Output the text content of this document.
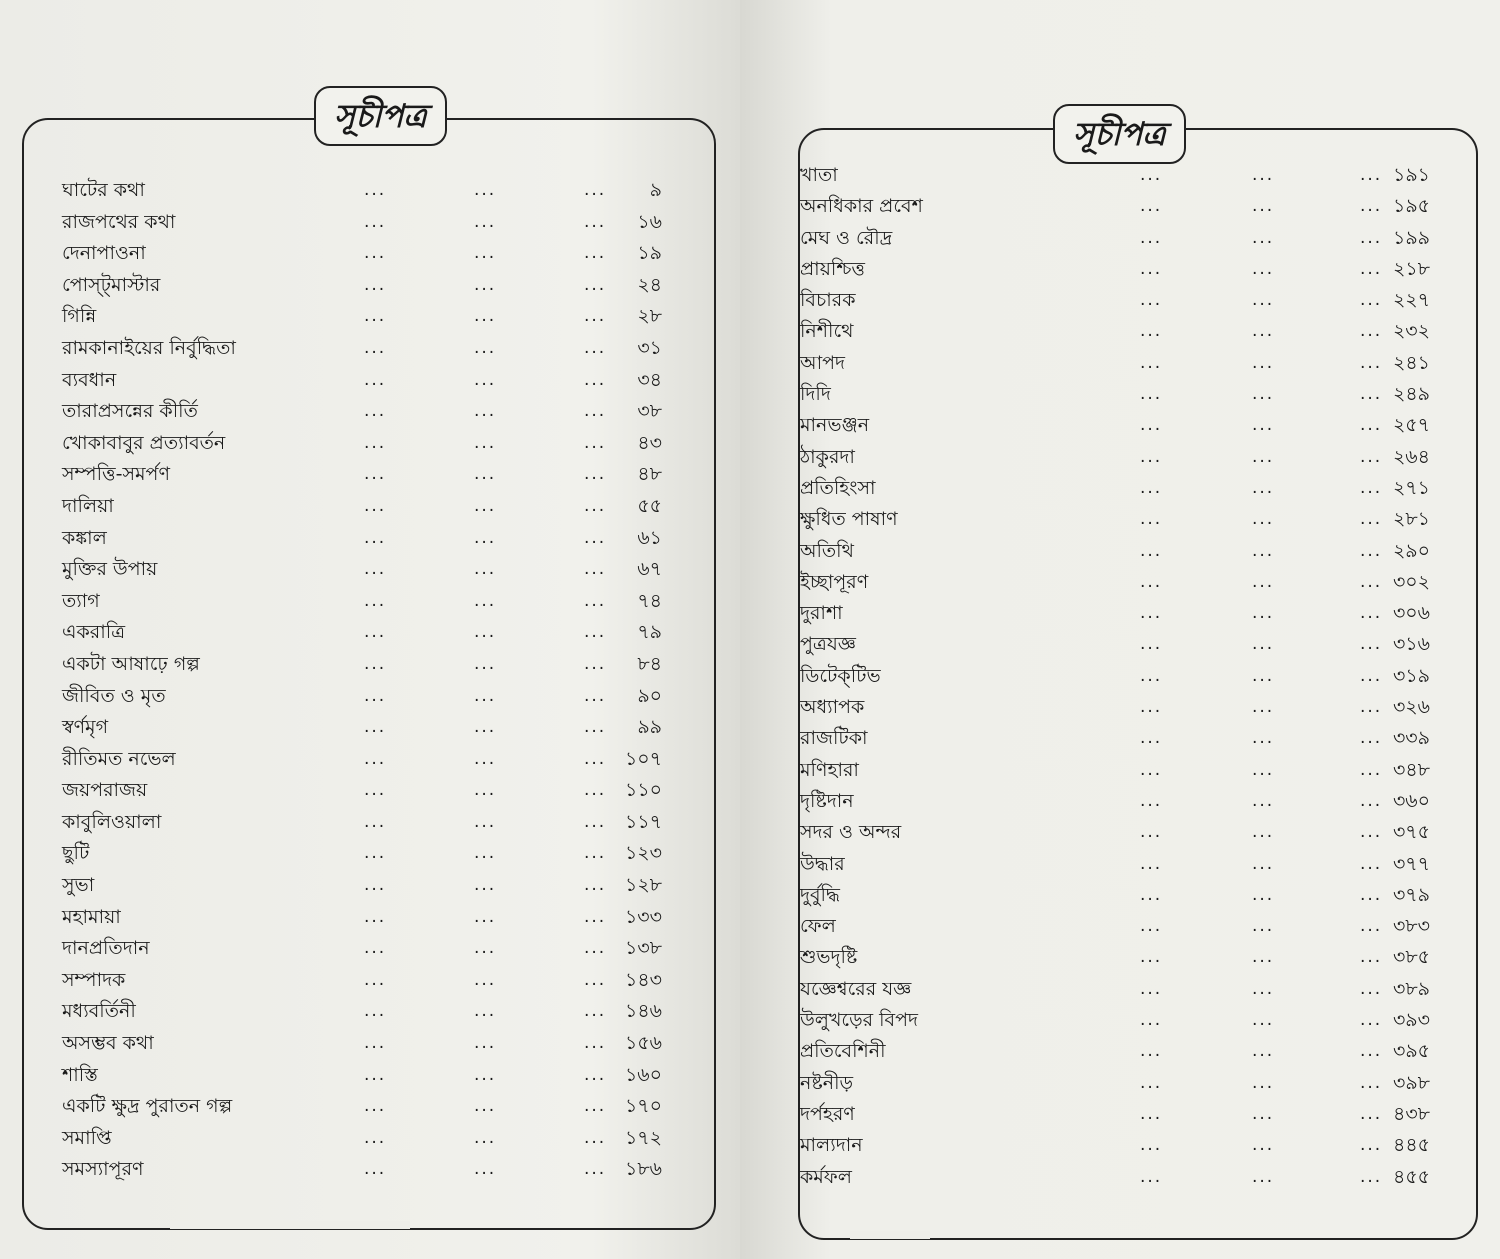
সূচীপত্র
ঘাটের কথা	...	...	...	৯
রাজপথের কথা	...	...	...	১৬
দেনাপাওনা	...	...	...	১৯
পোস্ট্‌মাস্টার	...	...	...	২৪
গিন্নি	...	...	...	২৮
রামকানাইয়ের নির্বুদ্ধিতা	...	...	...	৩১
ব্যবধান	...	...	...	৩৪
তারাপ্রসন্নের কীর্তি	...	...	...	৩৮
খোকাবাবুর প্রত্যাবর্তন	...	...	...	৪৩
সম্পত্তি-সমর্পণ	...	...	...	৪৮
দালিয়া	...	...	...	৫৫
কঙ্কাল	...	...	...	৬১
মুক্তির উপায়	...	...	...	৬৭
ত্যাগ	...	...	...	৭৪
একরাত্রি	...	...	...	৭৯
একটা আষাঢ়ে গল্প	...	...	...	৮৪
জীবিত ও মৃত	...	...	...	৯০
স্বর্ণমৃগ	...	...	...	৯৯
রীতিমত নভেল	...	...	... ১০৭
জয়পরাজয়	...	...	... ১১০
কাবুলিওয়ালা	...	...	... ১১৭
ছুটি	...	...	... ১২৩
সুভা	...	...	... ১২৮
মহামায়া	...	...	... ১৩৩
দানপ্রতিদান	...	...	... ১৩৮
সম্পাদক	...	...	... ১৪৩
মধ্যবর্তিনী	...	...	... ১৪৬
অসম্ভব কথা	...	...	... ১৫৬
শাস্তি	...	...	... ১৬০
একটি ক্ষুদ্র পুরাতন গল্প	...	...	... ১৭০
সমাপ্তি	...	...	... ১৭২
সমস্যাপূরণ	...	...	... ১৮৬
সূচীপত্র
খাতা	...	...	... ১৯১
অনধিকার প্রবেশ	...	...	... ১৯৫
মেঘ ও রৌদ্র	...	...	... ১৯৯
প্রায়শ্চিত্ত	...	...	... ২১৮
বিচারক	...	...	... ২২৭
নিশীথে	...	...	... ২৩২
আপদ	...	...	... ২৪১
দিদি	...	...	... ২৪৯
মানভঞ্জন	...	...	... ২৫৭
ঠাকুরদা	...	...	... ২৬৪
প্রতিহিংসা	...	...	... ২৭১
ক্ষুধিত পাষাণ	...	...	... ২৮১
অতিথি	...	...	... ২৯০
ইচ্ছাপূরণ	...	...	... ৩০২
দুরাশা	...	...	... ৩০৬
পুত্রযজ্ঞ	...	...	... ৩১৬
ডিটেক্‌টিভ	...	...	... ৩১৯
অধ্যাপক	...	...	... ৩২৬
রাজটিকা	...	...	... ৩৩৯
মণিহারা	...	...	... ৩৪৮
দৃষ্টিদান	...	...	... ৩৬০
সদর ও অন্দর	...	...	... ৩৭৫
উদ্ধার	...	...	... ৩৭৭
দুর্বুদ্ধি	...	...	... ৩৭৯
ফেল	...	...	... ৩৮৩
শুভদৃষ্টি	...	...	... ৩৮৫
যজ্ঞেশ্বরের যজ্ঞ	...	...	... ৩৮৯
উলুখড়ের বিপদ	...	...	... ৩৯৩
প্রতিবেশিনী	...	...	... ৩৯৫
নষ্টনীড়	...	...	... ৩৯৮
দর্পহরণ	...	...	... ৪৩৮
মাল্যদান	...	...	... ৪৪৫
কর্মফল	...	...	... ৪৫৫
